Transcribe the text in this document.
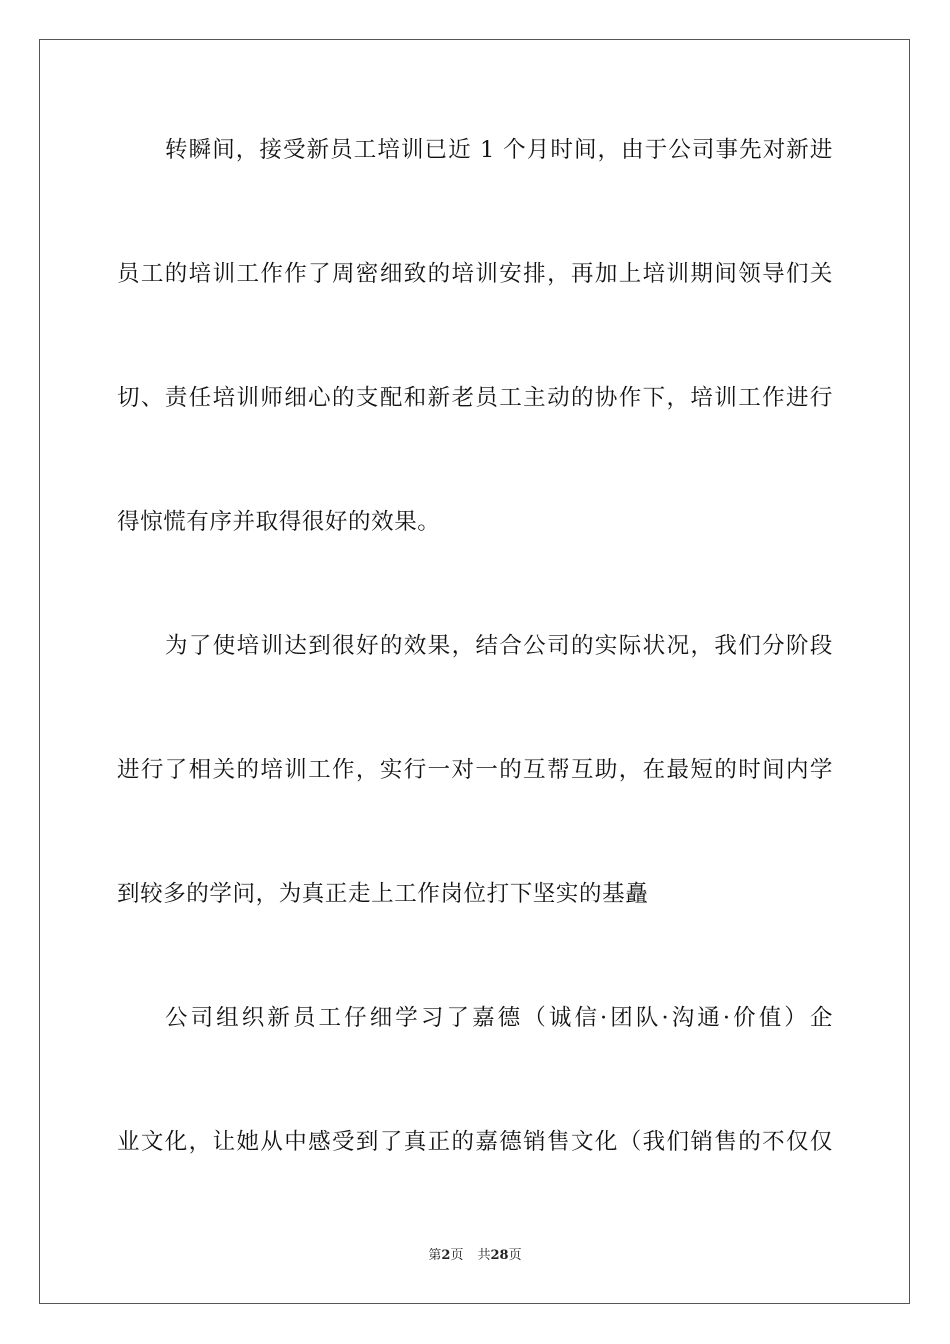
转瞬间，接受新员工培训已近 1 个月时间，由于公司事先对新进
员工的培训工作作了周密细致的培训安排，再加上培训期间领导们关
切、责任培训师细心的支配和新老员工主动的协作下，培训工作进行
得惊慌有序并取得很好的效果。
为了使培训达到很好的效果，结合公司的实际状况，我们分阶段
进行了相关的培训工作，实行一对一的互帮互助，在最短的时间内学
到较多的学问，为真正走上工作岗位打下坚实的基矗
公司组织新员工仔细学习了嘉德（诚信·团队·沟通·价值）企
业文化，让她从中感受到了真正的嘉德销售文化（我们销售的不仅仅
第2页 共28页
